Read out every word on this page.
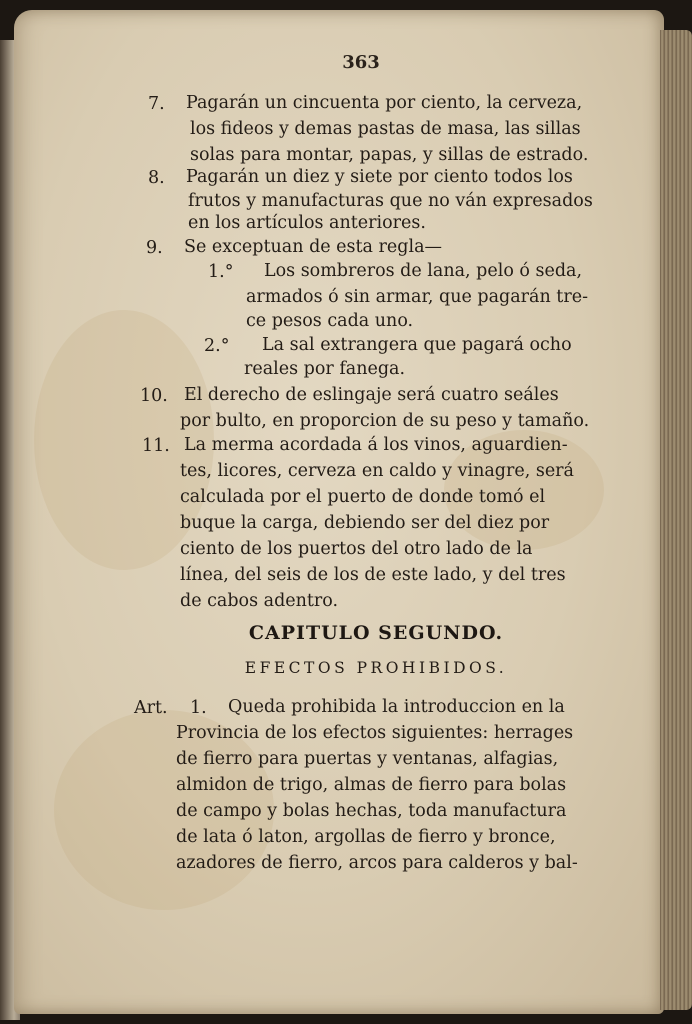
363
7. Pagarán un cincuenta por ciento, la cerveza,
los fideos y demas pastas de masa, las sillas
solas para montar, papas, y sillas de estrado.
8. Pagarán un diez y siete por ciento todos los
frutos y manufacturas que no ván expresados
en los artículos anteriores.
9. Se exceptuan de esta regla—
1.° Los sombreros de lana, pelo ó seda,
armados ó sin armar, que pagarán tre-
ce pesos cada uno.
2.° La sal extrangera que pagará ocho
reales por fanega.
10. El derecho de eslingaje será cuatro seáles
por bulto, en proporcion de su peso y tamaño.
11. La merma acordada á los vinos, aguardien-
tes, licores, cerveza en caldo y vinagre, será
calculada por el puerto de donde tomó el
buque la carga, debiendo ser del diez por
ciento de los puertos del otro lado de la
línea, del seis de los de este lado, y del tres
de cabos adentro.
CAPITULO SEGUNDO.
EFECTOS PROHIBIDOS.
Art. 1. Queda prohibida la introduccion en la
Provincia de los efectos siguientes: herrages
de fierro para puertas y ventanas, alfagias,
almidon de trigo, almas de fierro para bolas
de campo y bolas hechas, toda manufactura
de lata ó laton, argollas de fierro y bronce,
azadores de fierro, arcos para calderos y bal-
